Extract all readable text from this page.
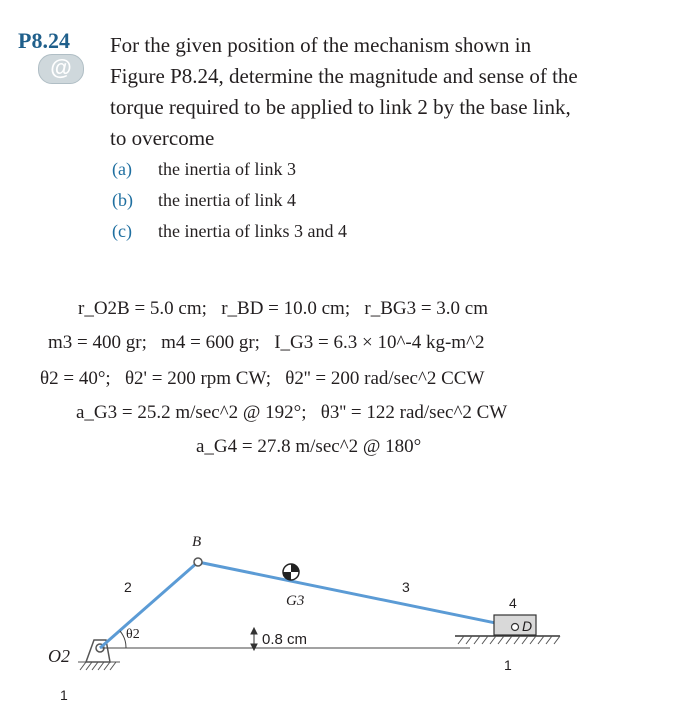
P8.24
@
For the given position of the mechanism shown in Figure P8.24, determine the magnitude and sense of the torque required to be applied to link 2 by the base link, to overcome
(a) the inertia of link 3
(b) the inertia of link 4
(c) the inertia of links 3 and 4
r_O2B = 5.0 cm; r_BD = 10.0 cm; r_BG3 = 3.0 cm
m3 = 400 gr; m4 = 600 gr; I_G3 = 6.3 × 10^-4 kg-m^2
θ2 = 40°; θ2' = 200 rpm CW; θ2'' = 200 rad/sec^2 CCW
a_G3 = 25.2 m/sec^2 @ 192°; θ3'' = 122 rad/sec^2 CW
a_G4 = 27.8 m/sec^2 @ 180°
O2
B
G3
D
2	3
4
1
1
θ2	0.8 cm
